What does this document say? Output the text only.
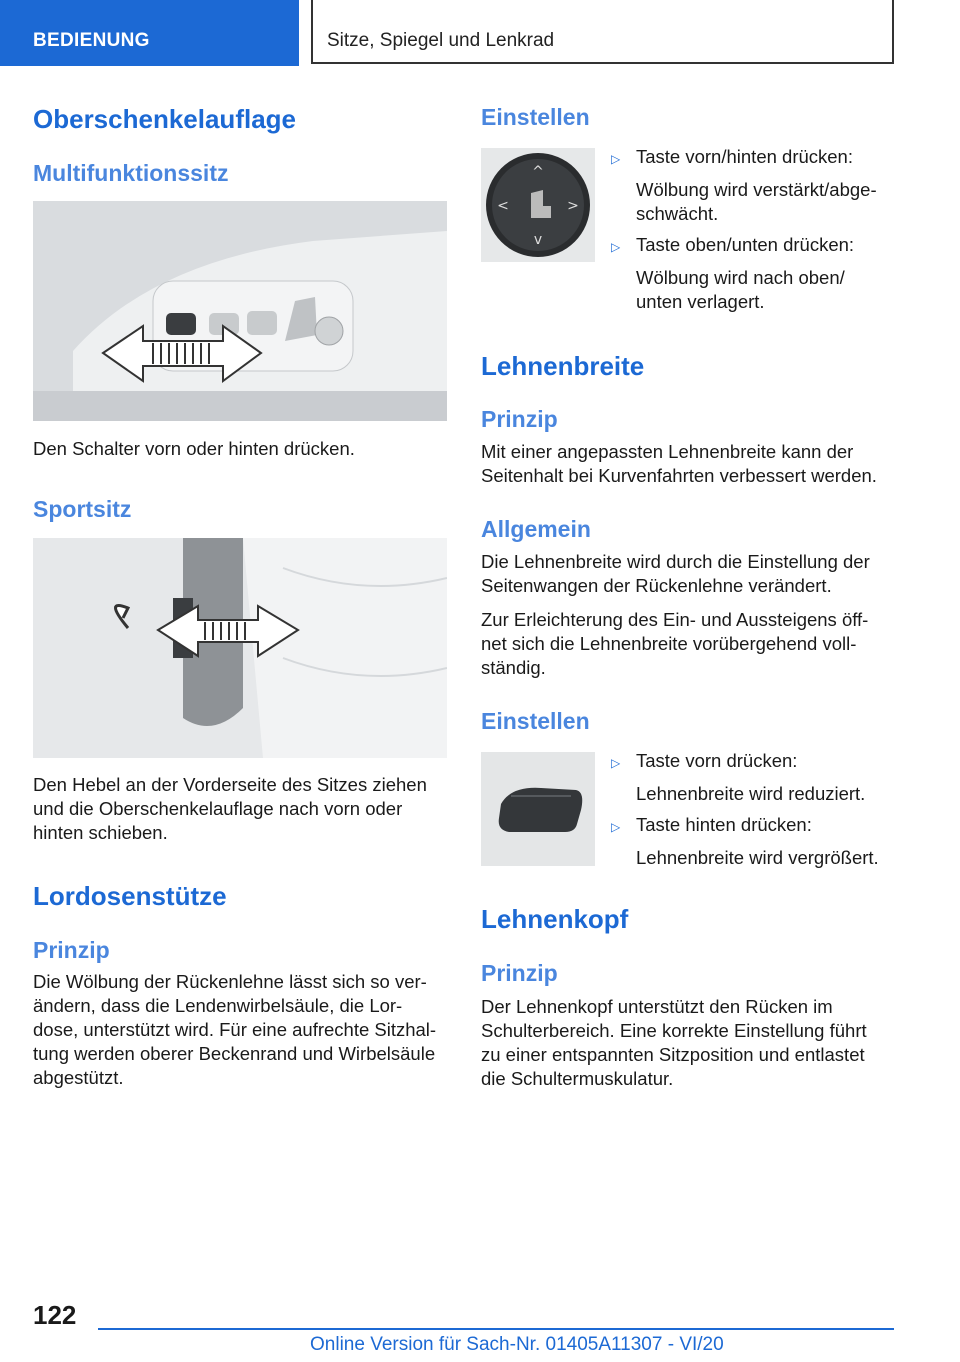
BEDIENUNG	Sitze, Spiegel und Lenkrad
Oberschenkelauflage
Multifunktionssitz

Den Schalter vorn oder hinten drücken.

Sportsitz

Den Hebel an der Vorderseite des Sitzes ziehen

und die Oberschenkelauflage nach vorn oder

hinten schieben.

Lordosenstütze
Prinzip

Die Wölbung der Rückenlehne lässt sich so ver‐

ändern, dass die Lendenwirbelsäule, die Lor‐

dose, unterstützt wird. Für eine aufrechte Sitzhal‐

tung werden oberer Beckenrand und Wirbelsäule

abgestützt.

Einstellen
^
v
<	>
▷ Taste vorn/hinten drücken:

Wölbung wird verstärkt/abge‐

schwächt.

▷ Taste oben/unten drücken:

Wölbung wird nach oben/

unten verlagert.

Lehnenbreite
Prinzip

Mit einer angepassten Lehnenbreite kann der

Seitenhalt bei Kurvenfahrten verbessert werden.

Allgemein

Die Lehnenbreite wird durch die Einstellung der

Seitenwangen der Rückenlehne verändert.

Zur Erleichterung des Ein- und Aussteigens öff‐

net sich die Lehnenbreite vorübergehend voll‐

ständig.

Einstellen
▷ Taste vorn drücken:

Lehnenbreite wird reduziert.

▷ Taste hinten drücken:

Lehnenbreite wird vergrößert.

Lehnenkopf
Prinzip

Der Lehnenkopf unterstützt den Rücken im

Schulterbereich. Eine korrekte Einstellung führt

zu einer entspannten Sitzposition und entlastet

die Schultermuskulatur.

122
Online Version für Sach-Nr. 01405A11307 - VI/20
